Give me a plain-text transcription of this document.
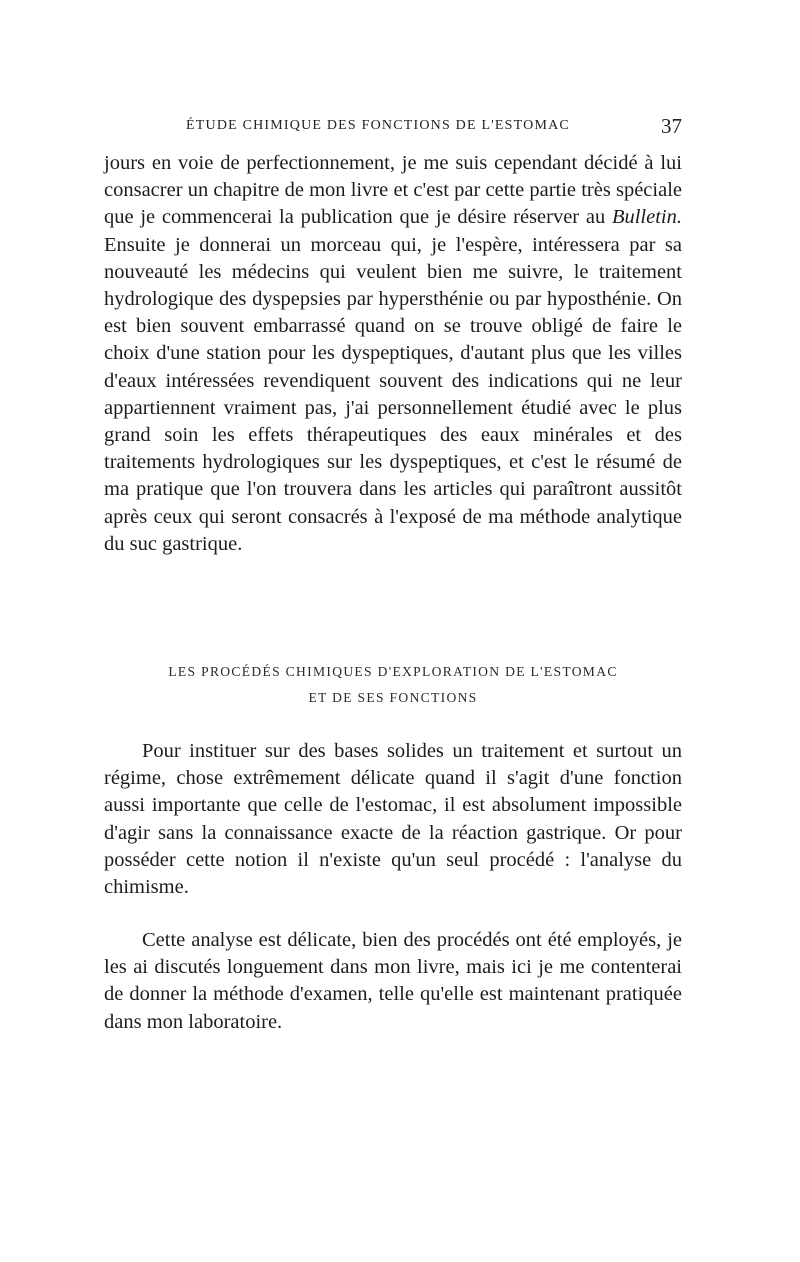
ÉTUDE CHIMIQUE DES FONCTIONS DE L'ESTOMAC	37

jours en voie de perfectionnement, je me suis cependant décidé à lui consacrer un chapitre de mon livre et c'est par cette partie très spéciale que je commencerai la publication que je désire réserver au Bulletin. Ensuite je donnerai un morceau qui, je l'espère, intéressera par sa nouveauté les médecins qui veulent bien me suivre, le traitement hydrologique des dyspepsies par hypersthénie ou par hyposthénie. On est bien souvent embarrassé quand on se trouve obligé de faire le choix d'une station pour les dyspeptiques, d'autant plus que les villes d'eaux intéressées revendiquent souvent des indications qui ne leur appartiennent vraiment pas, j'ai personnellement étudié avec le plus grand soin les effets thérapeutiques des eaux minérales et des traitements hydrologiques sur les dyspeptiques, et c'est le résumé de ma pratique que l'on trouvera dans les articles qui paraîtront aussitôt après ceux qui seront consacrés à l'exposé de ma méthode analytique du suc gastrique.

LES PROCÉDÉS CHIMIQUES D'EXPLORATION DE L'ESTOMAC
ET DE SES FONCTIONS

Pour instituer sur des bases solides un traitement et surtout un régime, chose extrêmement délicate quand il s'agit d'une fonction aussi importante que celle de l'estomac, il est absolument impossible d'agir sans la connaissance exacte de la réaction gastrique. Or pour posséder cette notion il n'existe qu'un seul procédé : l'analyse du chimisme.

Cette analyse est délicate, bien des procédés ont été employés, je les ai discutés longuement dans mon livre, mais ici je me contenterai de donner la méthode d'examen, telle qu'elle est maintenant pratiquée dans mon laboratoire.
